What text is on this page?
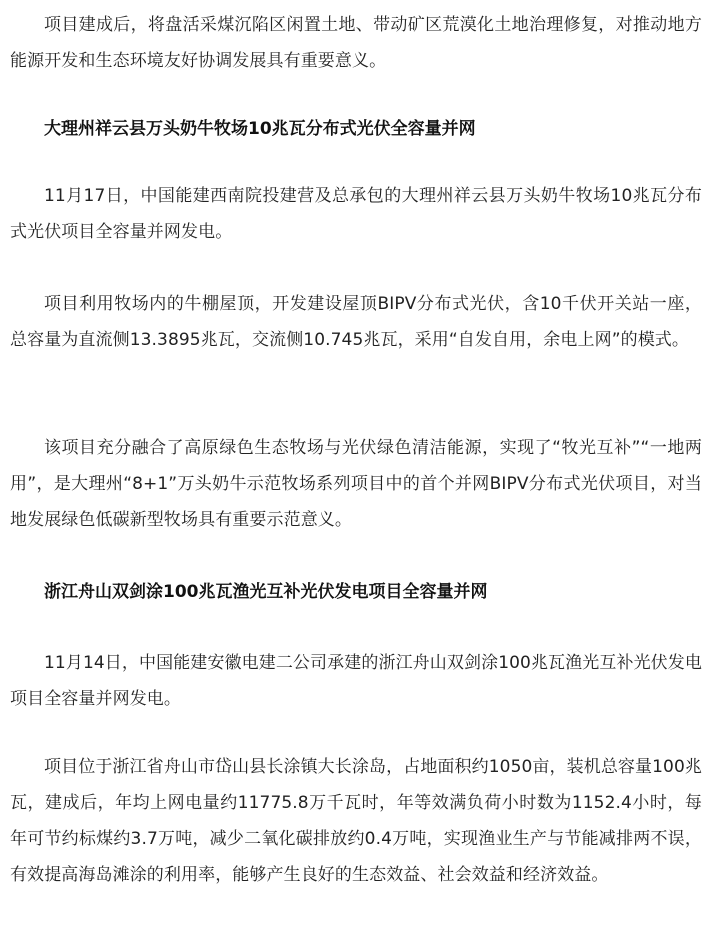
项目建成后，将盘活采煤沉陷区闲置土地、带动矿区荒漠化土地治理修复，对推动地方能源开发和生态环境友好协调发展具有重要意义。

大理州祥云县万头奶牛牧场10兆瓦分布式光伏全容量并网

11月17日，中国能建西南院投建营及总承包的大理州祥云县万头奶牛牧场10兆瓦分布式光伏项目全容量并网发电。

项目利用牧场内的牛棚屋顶，开发建设屋顶BIPV分布式光伏，含10千伏开关站一座，总容量为直流侧13.3895兆瓦，交流侧10.745兆瓦，采用“自发自用，余电上网”的模式。

该项目充分融合了高原绿色生态牧场与光伏绿色清洁能源，实现了“牧光互补”“一地两用”，是大理州“8+1”万头奶牛示范牧场系列项目中的首个并网BIPV分布式光伏项目，对当地发展绿色低碳新型牧场具有重要示范意义。

浙江舟山双剑涂100兆瓦渔光互补光伏发电项目全容量并网

11月14日，中国能建安徽电建二公司承建的浙江舟山双剑涂100兆瓦渔光互补光伏发电项目全容量并网发电。

项目位于浙江省舟山市岱山县长涂镇大长涂岛，占地面积约1050亩，装机总容量100兆瓦，建成后，年均上网电量约11775.8万千瓦时，年等效满负荷小时数为1152.4小时，每年可节约标煤约3.7万吨，减少二氧化碳排放约0.4万吨，实现渔业生产与节能减排两不误，有效提高海岛滩涂的利用率，能够产生良好的生态效益、社会效益和经济效益。
